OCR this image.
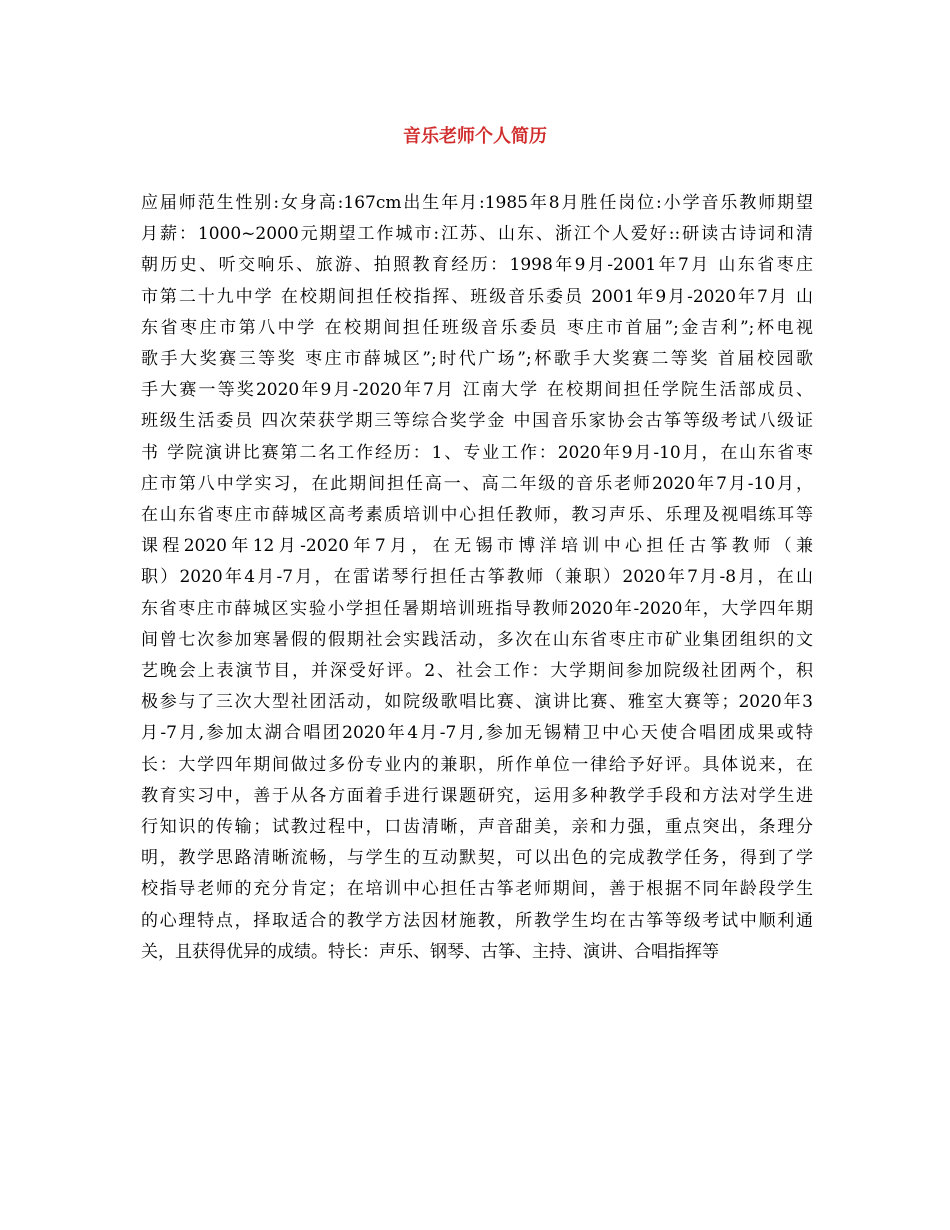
音乐老师个人简历
应届师范生性别:女身高:167cm出生年月:1985年8月胜任岗位:小学音乐教师期望
月薪：1000~2000元期望工作城市:江苏、山东、浙江个人爱好::研读古诗词和清
朝历史、听交响乐、旅游、拍照教育经历：1998年9月-2001年7月 山东省枣庄
市第二十九中学 在校期间担任校指挥、班级音乐委员 2001年9月-2020年7月 山
东省枣庄市第八中学 在校期间担任班级音乐委员 枣庄市首届”;金吉利”;杯电视
歌手大奖赛三等奖 枣庄市薛城区”;时代广场”;杯歌手大奖赛二等奖 首届校园歌
手大赛一等奖2020年9月-2020年7月 江南大学 在校期间担任学院生活部成员、
班级生活委员 四次荣获学期三等综合奖学金 中国音乐家协会古筝等级考试八级证
书 学院演讲比赛第二名工作经历：1、专业工作：2020年9月-10月，在山东省枣
庄市第八中学实习，在此期间担任高一、高二年级的音乐老师2020年7月-10月，
在山东省枣庄市薛城区高考素质培训中心担任教师，教习声乐、乐理及视唱练耳等
课程2020年12月-2020年7月，在无锡市博洋培训中心担任古筝教师（兼
职）2020年4月-7月，在雷诺琴行担任古筝教师（兼职）2020年7月-8月，在山
东省枣庄市薛城区实验小学担任暑期培训班指导教师2020年-2020年，大学四年期
间曾七次参加寒暑假的假期社会实践活动，多次在山东省枣庄市矿业集团组织的文
艺晚会上表演节目，并深受好评。2、社会工作：大学期间参加院级社团两个，积
极参与了三次大型社团活动，如院级歌唱比赛、演讲比赛、雅室大赛等；2020年3
月-7月,参加太湖合唱团2020年4月-7月,参加无锡精卫中心天使合唱团成果或特
长：大学四年期间做过多份专业内的兼职，所作单位一律给予好评。具体说来，在
教育实习中，善于从各方面着手进行课题研究，运用多种教学手段和方法对学生进
行知识的传输；试教过程中，口齿清晰，声音甜美，亲和力强，重点突出，条理分
明，教学思路清晰流畅，与学生的互动默契，可以出色的完成教学任务，得到了学
校指导老师的充分肯定；在培训中心担任古筝老师期间，善于根据不同年龄段学生
的心理特点，择取适合的教学方法因材施教，所教学生均在古筝等级考试中顺利通
关，且获得优异的成绩。特长：声乐、钢琴、古筝、主持、演讲、合唱指挥等
